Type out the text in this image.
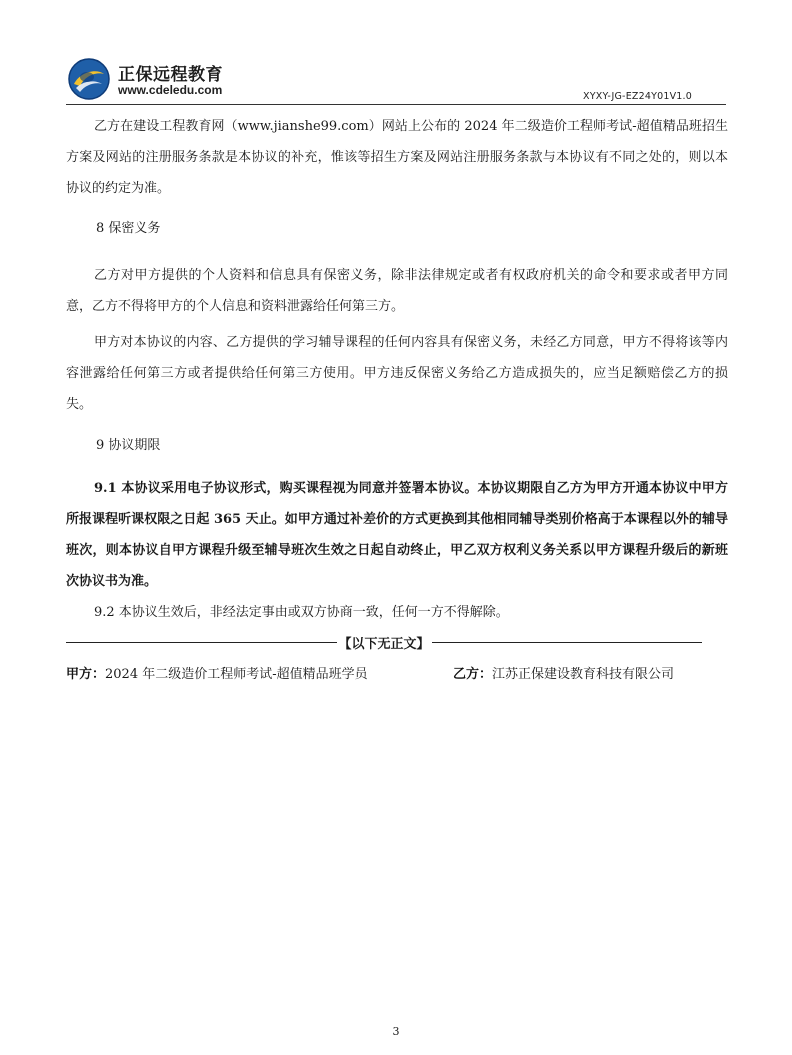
正保远程教育
www.cdeledu.com	XYXY-JG-EZ24Y01V1.0

乙方在建设工程教育网（www.jianshe99.com）网站上公布的 2024 年二级造价工程师考试-超值精品班招生方案及网站的注册服务条款是本协议的补充，惟该等招生方案及网站注册服务条款与本协议有不同之处的，则以本协议的约定为准。

8 保密义务

乙方对甲方提供的个人资料和信息具有保密义务，除非法律规定或者有权政府机关的命令和要求或者甲方同意，乙方不得将甲方的个人信息和资料泄露给任何第三方。

甲方对本协议的内容、乙方提供的学习辅导课程的任何内容具有保密义务，未经乙方同意，甲方不得将该等内容泄露给任何第三方或者提供给任何第三方使用。甲方违反保密义务给乙方造成损失的，应当足额赔偿乙方的损失。

9 协议期限

9.1 本协议采用电子协议形式，购买课程视为同意并签署本协议。本协议期限自乙方为甲方开通本协议中甲方所报课程听课权限之日起 365 天止。如甲方通过补差价的方式更换到其他相同辅导类别价格高于本课程以外的辅导班次，则本协议自甲方课程升级至辅导班次生效之日起自动终止，甲乙双方权利义务关系以甲方课程升级后的新班次协议书为准。

9.2 本协议生效后，非经法定事由或双方协商一致，任何一方不得解除。

【以下无正文】
甲方：2024 年二级造价工程师考试-超值精品班学员	乙方：江苏正保建设教育科技有限公司
3
